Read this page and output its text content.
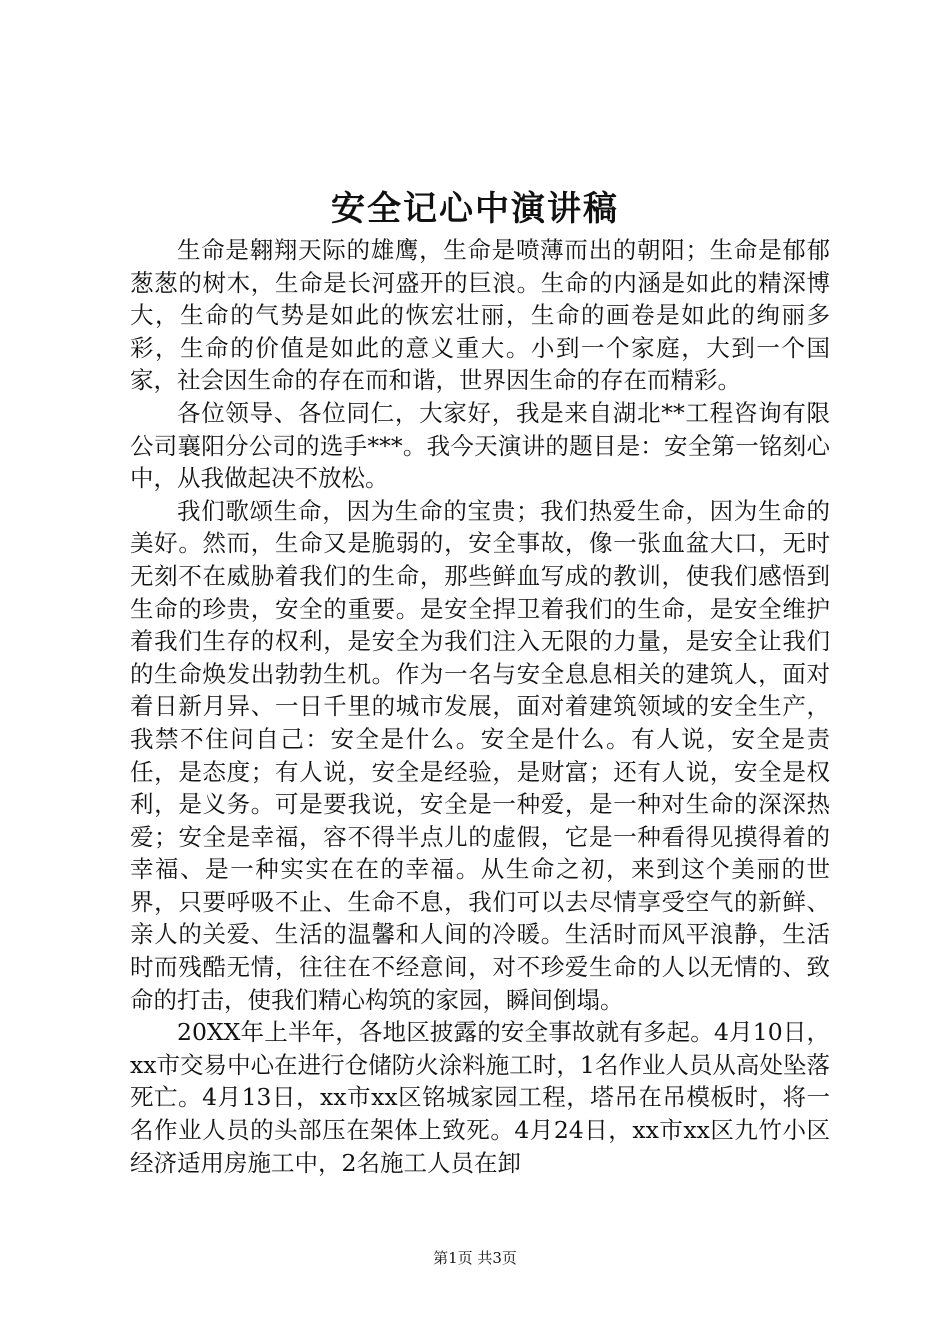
安全记心中演讲稿

生命是翱翔天际的雄鹰，生命是喷薄而出的朝阳；生命是郁郁葱葱的树木，生命是长河盛开的巨浪。生命的内涵是如此的精深博大，生命的气势是如此的恢宏壮丽，生命的画卷是如此的绚丽多彩，生命的价值是如此的意义重大。小到一个家庭，大到一个国家，社会因生命的存在而和谐，世界因生命的存在而精彩。

各位领导、各位同仁，大家好，我是来自湖北**工程咨询有限公司襄阳分公司的选手***。我今天演讲的题目是：安全第一铭刻心中，从我做起决不放松。

我们歌颂生命，因为生命的宝贵；我们热爱生命，因为生命的美好。然而，生命又是脆弱的，安全事故，像一张血盆大口，无时无刻不在威胁着我们的生命，那些鲜血写成的教训，使我们感悟到生命的珍贵，安全的重要。是安全捍卫着我们的生命，是安全维护着我们生存的权利，是安全为我们注入无限的力量，是安全让我们的生命焕发出勃勃生机。作为一名与安全息息相关的建筑人，面对着日新月异、一日千里的城市发展，面对着建筑领域的安全生产，我禁不住问自己：安全是什么。安全是什么。有人说，安全是责任，是态度；有人说，安全是经验，是财富；还有人说，安全是权利，是义务。可是要我说，安全是一种爱，是一种对生命的深深热爱；安全是幸福，容不得半点儿的虚假，它是一种看得见摸得着的幸福、是一种实实在在的幸福。从生命之初，来到这个美丽的世界，只要呼吸不止、生命不息，我们可以去尽情享受空气的新鲜、亲人的关爱、生活的温馨和人间的冷暖。生活时而风平浪静，生活时而残酷无情，往往在不经意间，对不珍爱生命的人以无情的、致命的打击，使我们精心构筑的家园，瞬间倒塌。

20XX年上半年，各地区披露的安全事故就有多起。4月10日，xx市交易中心在进行仓储防火涂料施工时，1名作业人员从高处坠落死亡。4月13日，xx市xx区铭城家园工程，塔吊在吊模板时，将一名作业人员的头部压在架体上致死。4月24日，xx市xx区九竹小区经济适用房施工中，2名施工人员在卸

第1页 共3页
